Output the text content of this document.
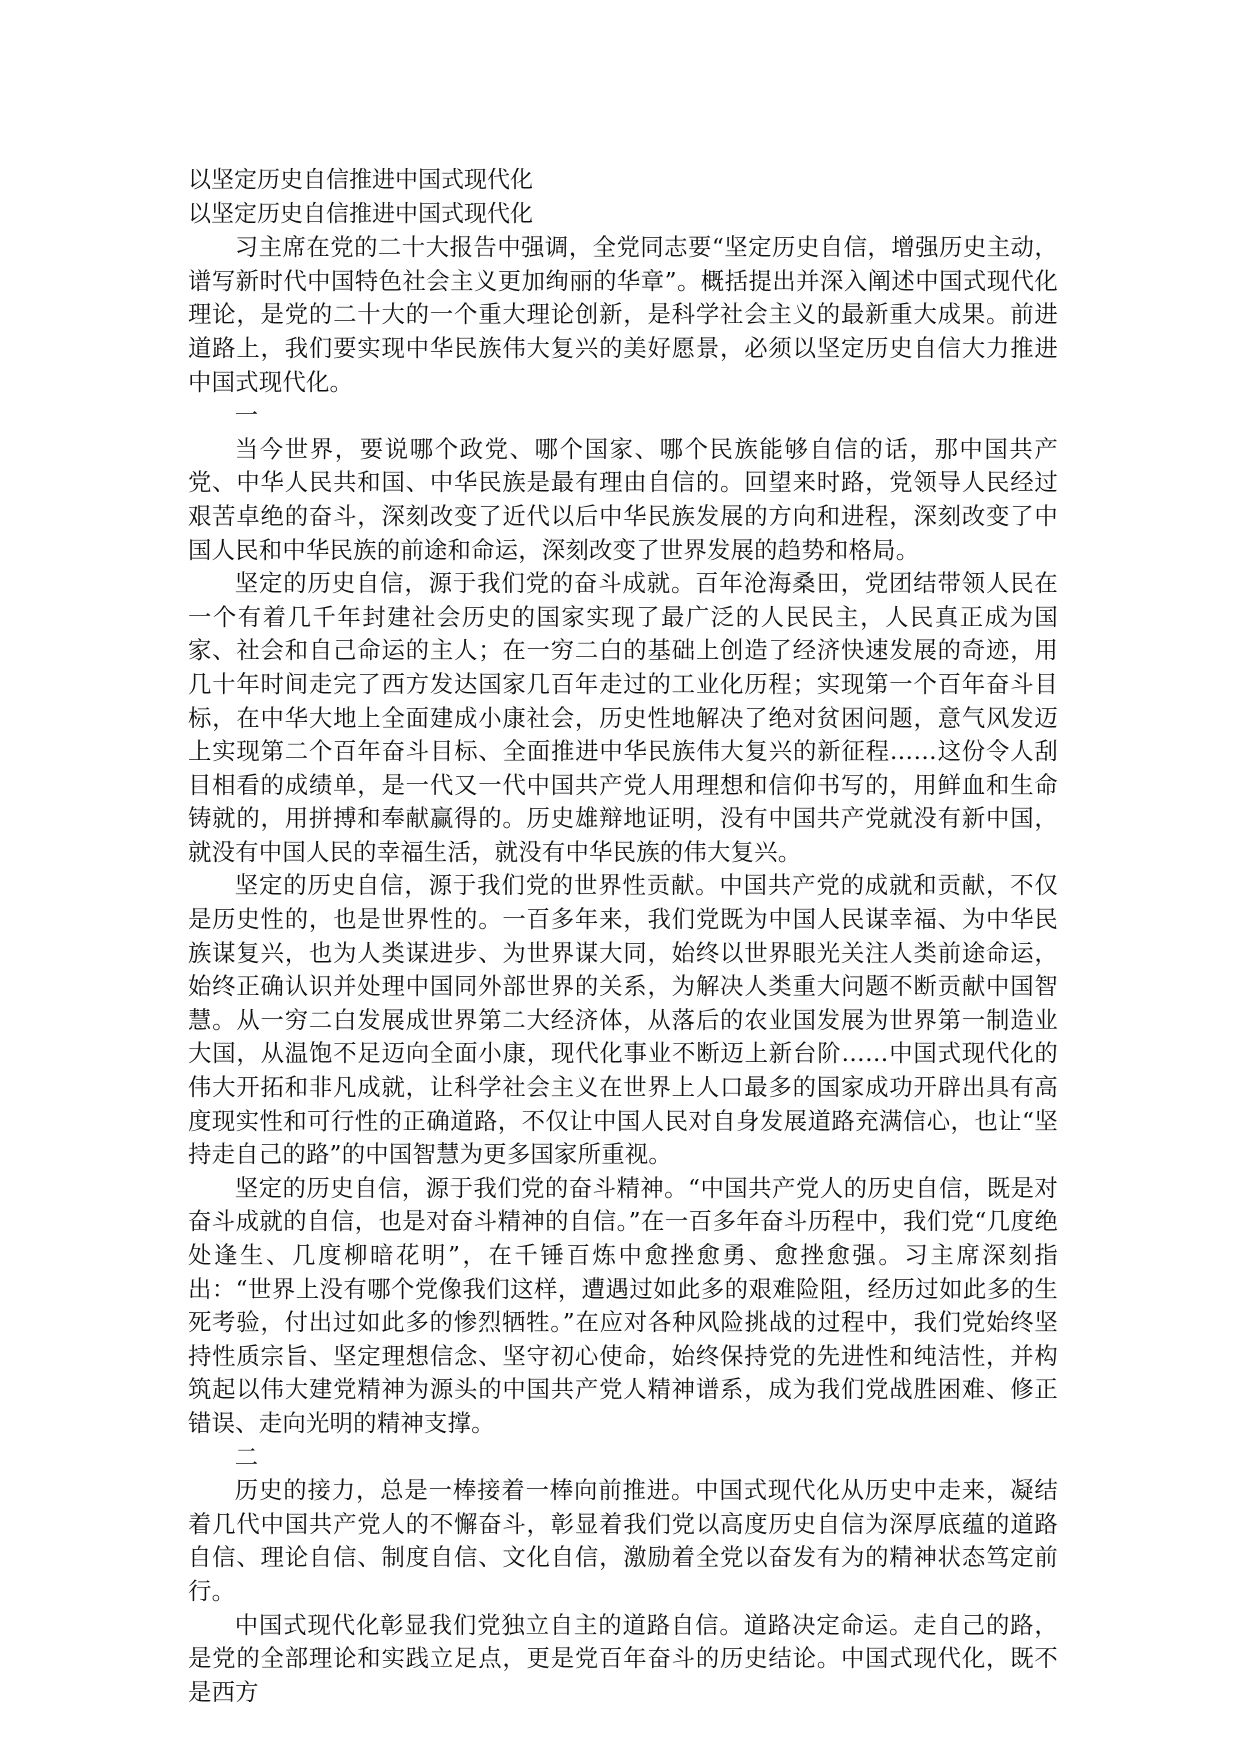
以坚定历史自信推进中国式现代化

以坚定历史自信推进中国式现代化

习主席在党的二十大报告中强调，全党同志要“坚定历史自信，增强历史主动，谱写新时代中国特色社会主义更加绚丽的华章”。概括提出并深入阐述中国式现代化理论，是党的二十大的一个重大理论创新，是科学社会主义的最新重大成果。前进道路上，我们要实现中华民族伟大复兴的美好愿景，必须以坚定历史自信大力推进中国式现代化。

一

当今世界，要说哪个政党、哪个国家、哪个民族能够自信的话，那中国共产党、中华人民共和国、中华民族是最有理由自信的。回望来时路，党领导人民经过艰苦卓绝的奋斗，深刻改变了近代以后中华民族发展的方向和进程，深刻改变了中国人民和中华民族的前途和命运，深刻改变了世界发展的趋势和格局。

坚定的历史自信，源于我们党的奋斗成就。百年沧海桑田，党团结带领人民在一个有着几千年封建社会历史的国家实现了最广泛的人民民主，人民真正成为国家、社会和自己命运的主人；在一穷二白的基础上创造了经济快速发展的奇迹，用几十年时间走完了西方发达国家几百年走过的工业化历程；实现第一个百年奋斗目标，在中华大地上全面建成小康社会，历史性地解决了绝对贫困问题，意气风发迈上实现第二个百年奋斗目标、全面推进中华民族伟大复兴的新征程……这份令人刮目相看的成绩单，是一代又一代中国共产党人用理想和信仰书写的，用鲜血和生命铸就的，用拼搏和奉献赢得的。历史雄辩地证明，没有中国共产党就没有新中国，就没有中国人民的幸福生活，就没有中华民族的伟大复兴。

坚定的历史自信，源于我们党的世界性贡献。中国共产党的成就和贡献，不仅是历史性的，也是世界性的。一百多年来，我们党既为中国人民谋幸福、为中华民族谋复兴，也为人类谋进步、为世界谋大同，始终以世界眼光关注人类前途命运，始终正确认识并处理中国同外部世界的关系，为解决人类重大问题不断贡献中国智慧。从一穷二白发展成世界第二大经济体，从落后的农业国发展为世界第一制造业大国，从温饱不足迈向全面小康，现代化事业不断迈上新台阶……中国式现代化的伟大开拓和非凡成就，让科学社会主义在世界上人口最多的国家成功开辟出具有高度现实性和可行性的正确道路，不仅让中国人民对自身发展道路充满信心，也让“坚持走自己的路”的中国智慧为更多国家所重视。

坚定的历史自信，源于我们党的奋斗精神。“中国共产党人的历史自信，既是对奋斗成就的自信，也是对奋斗精神的自信。”在一百多年奋斗历程中，我们党“几度绝处逢生、几度柳暗花明”，在千锤百炼中愈挫愈勇、愈挫愈强。习主席深刻指出：“世界上没有哪个党像我们这样，遭遇过如此多的艰难险阻，经历过如此多的生死考验，付出过如此多的惨烈牺牲。”在应对各种风险挑战的过程中，我们党始终坚持性质宗旨、坚定理想信念、坚守初心使命，始终保持党的先进性和纯洁性，并构筑起以伟大建党精神为源头的中国共产党人精神谱系，成为我们党战胜困难、修正错误、走向光明的精神支撑。

二

历史的接力，总是一棒接着一棒向前推进。中国式现代化从历史中走来，凝结着几代中国共产党人的不懈奋斗，彰显着我们党以高度历史自信为深厚底蕴的道路自信、理论自信、制度自信、文化自信，激励着全党以奋发有为的精神状态笃定前行。

中国式现代化彰显我们党独立自主的道路自信。道路决定命运。走自己的路，是党的全部理论和实践立足点，更是党百年奋斗的历史结论。中国式现代化，既不是西方
